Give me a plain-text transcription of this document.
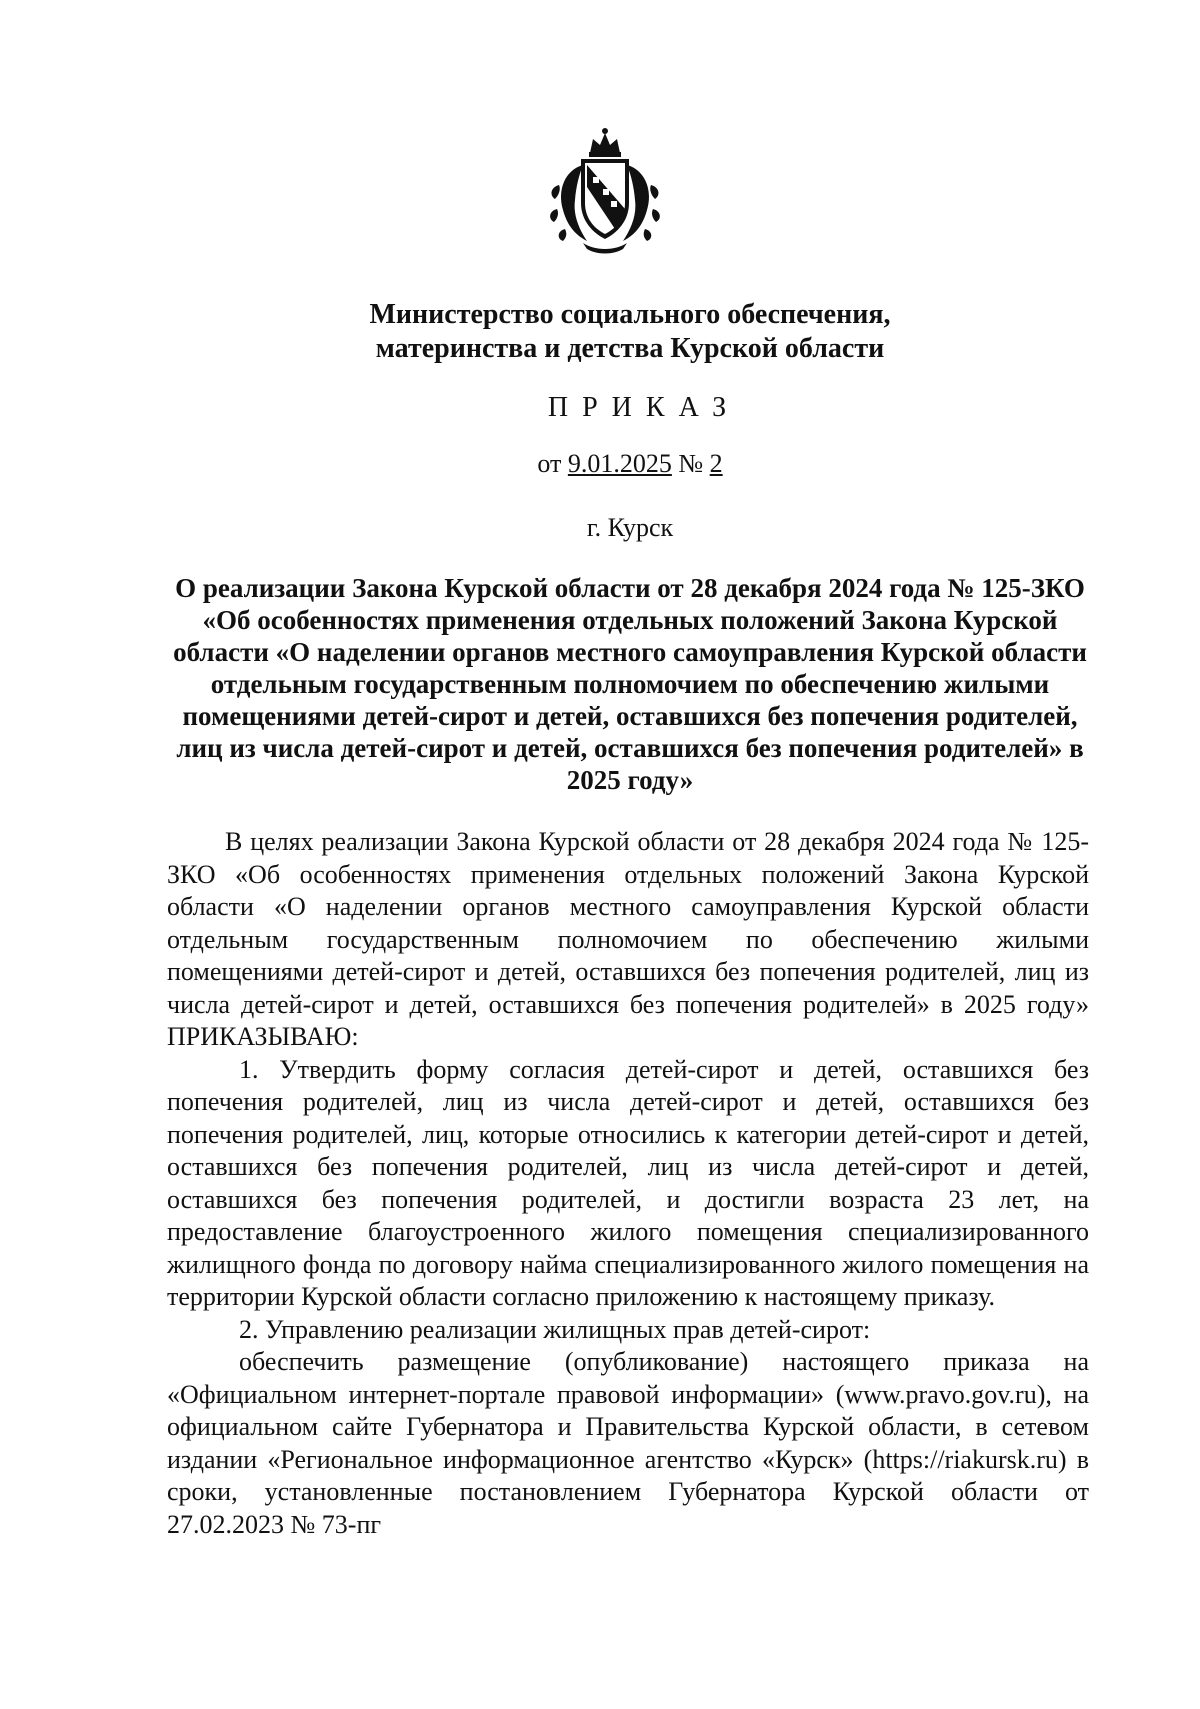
Министерство социального обеспечения,
материнства и детства Курской области
ПРИКАЗ
от 9.01.2025 № 2
г. Курск
О реализации Закона Курской области от 28 декабря 2024 года № 125-ЗКО «Об особенностях применения отдельных положений Закона Курской области «О наделении органов местного самоуправления Курской области отдельным государственным полномочием по обеспечению жилыми помещениями детей-сирот и детей, оставшихся без попечения родителей, лиц из числа детей-сирот и детей, оставшихся без попечения родителей» в 2025 году»

В целях реализации Закона Курской области от 28 декабря 2024 года № 125-ЗКО «Об особенностях применения отдельных положений Закона Курской области «О наделении органов местного самоуправления Курской области отдельным государственным полномочием по обеспечению жилыми помещениями детей-сирот и детей, оставшихся без попечения родителей, лиц из числа детей-сирот и детей, оставшихся без попечения родителей» в 2025 году» ПРИКАЗЫВАЮ:

1. Утвердить форму согласия детей-сирот и детей, оставшихся без попечения родителей, лиц из числа детей-сирот и детей, оставшихся без попечения родителей, лиц, которые относились к категории детей-сирот и детей, оставшихся без попечения родителей, лиц из числа детей-сирот и детей, оставшихся без попечения родителей, и достигли возраста 23 лет, на предоставление благоустроенного жилого помещения специализированного жилищного фонда по договору найма специализированного жилого помещения на территории Курской области согласно приложению к настоящему приказу.

2. Управлению реализации жилищных прав детей-сирот:

обеспечить размещение (опубликование) настоящего приказа на «Официальном интернет-портале правовой информации» (www.pravo.gov.ru), на официальном сайте Губернатора и Правительства Курской области, в сетевом издании «Региональное информационное агентство «Курск» (https://riakursk.ru) в сроки, установленные постановлением Губернатора Курской области от 27.02.2023 № 73-пг
